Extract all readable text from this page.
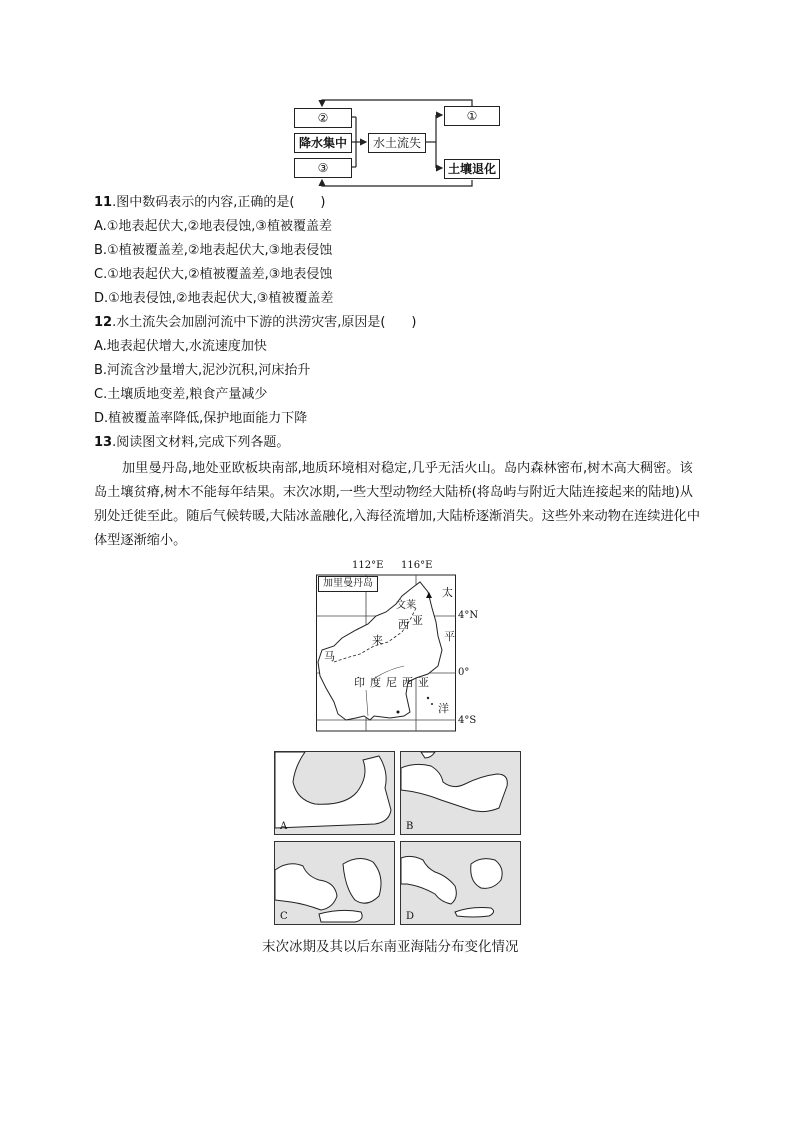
②
降水集中
③
水土流失
①
土壤退化
11.图中数码表示的内容,正确的是(　　)
A.①地表起伏大,②地表侵蚀,③植被覆盖差
B.①植被覆盖差,②地表起伏大,③地表侵蚀
C.①地表起伏大,②植被覆盖差,③地表侵蚀
D.①地表侵蚀,②地表起伏大,③植被覆盖差
12.水土流失会加剧河流中下游的洪涝灾害,原因是(　　)
A.地表起伏增大,水流速度加快
B.河流含沙量增大,泥沙沉积,河床抬升
C.土壤质地变差,粮食产量减少
D.植被覆盖率降低,保护地面能力下降
13.阅读图文材料,完成下列各题。
加里曼丹岛,地处亚欧板块南部,地质环境相对稳定,几乎无活火山。岛内森林密布,树木高大稠密。该岛土壤贫瘠,树木不能每年结果。末次冰期,一些大型动物经大陆桥(将岛屿与附近大陆连接起来的陆地)从别处迁徙至此。随后气候转暖,大陆冰盖融化,入海径流增加,大陆桥逐渐消失。这些外来动物在连续进化中体型逐渐缩小。
加里曼丹岛
文莱
太
平
洋
西 亚
来
马
印 度 尼 西 亚
112°E 116°E
4°N
0°
4°S
A	B
C	D
末次冰期及其以后东南亚海陆分布变化情况
